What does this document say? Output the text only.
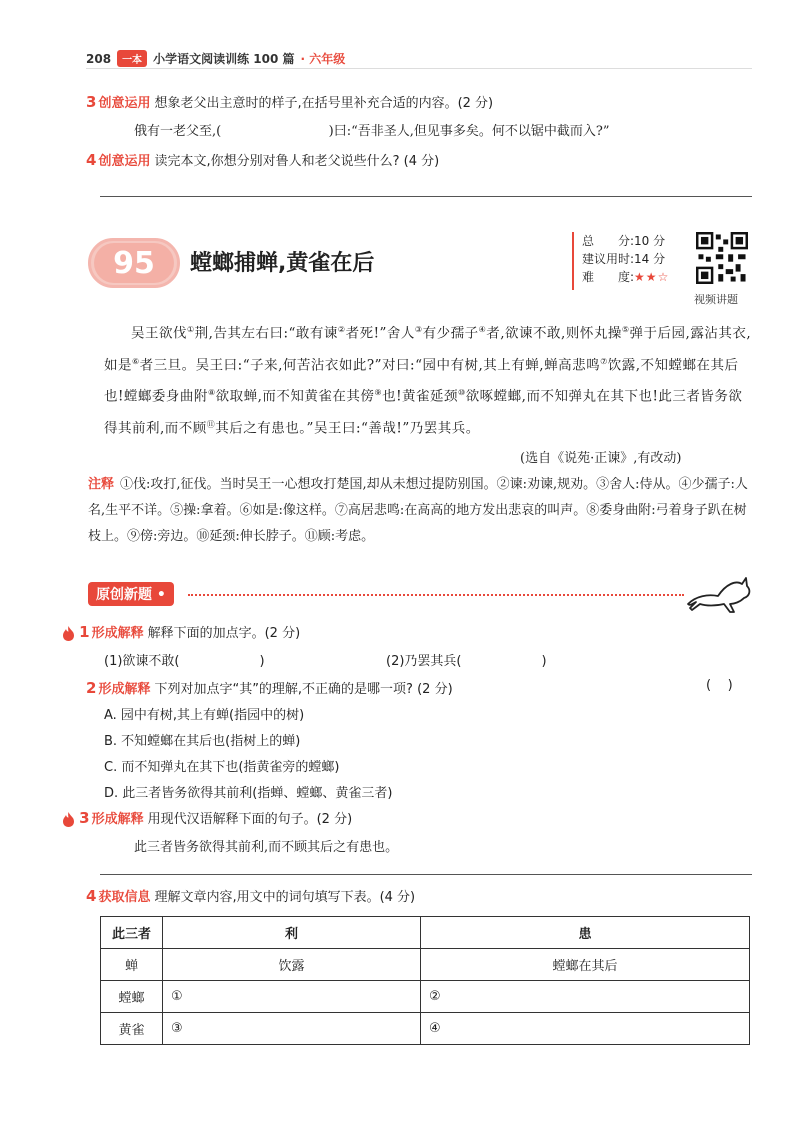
208	一本 小学语文阅读训练 100 篇 · 六年级
3 创意运用 想象老父出主意时的样子,在括号里补充合适的内容。(2 分)
俄有一老父至,(                          )曰:“吾非圣人,但见事多矣。何不以锯中截而入?”
4 创意运用 读完本文,你想分别对鲁人和老父说些什么? (4 分)
95	螳螂捕蝉,黄雀在后
总　　分:10 分
建议用时:14 分
难　　度:★★☆
视频讲题
吴王欲伐①荆,告其左右曰:“敢有谏②者死!”舍人③有少孺子④者,欲谏不敢,则怀丸操⑤弹于后园,露沾其衣,如是⑥者三旦。吴王曰:“子来,何苦沾衣如此?”对曰:“园中有树,其上有蝉,蝉高悲鸣⑦饮露,不知螳螂在其后也!螳螂委身曲附⑧欲取蝉,而不知黄雀在其傍⑨也!黄雀延颈⑩欲啄螳螂,而不知弹丸在其下也!此三者皆务欲得其前利,而不顾⑪其后之有患也。”吴王曰:“善哉!”乃罢其兵。
(选自《说苑·正谏》,有改动)
注释 ①伐:攻打,征伐。当时吴王一心想攻打楚国,却从未想过提防别国。②谏:劝谏,规劝。③舍人:侍从。④少孺子:人名,生平不详。⑤操:拿着。⑥如是:像这样。⑦高居悲鸣:在高高的地方发出悲哀的叫声。⑧委身曲附:弓着身子趴在树枝上。⑨傍:旁边。⑩延颈:伸长脖子。⑪顾:考虑。
原创新题 •
1 形成解释 解释下面的加点字。(2 分)
(1)欲谏不敢(	)	(2)乃罢其兵(	)
2 形成解释 下列对加点字“其”的理解,不正确的是哪一项? (2 分)	(    )
A. 园中有树,其上有蝉(指园中的树)
B. 不知螳螂在其后也(指树上的蝉)
C. 而不知弹丸在其下也(指黄雀旁的螳螂)
D. 此三者皆务欲得其前利(指蝉、螳螂、黄雀三者)
3 形成解释 用现代汉语解释下面的句子。(2 分)
此三者皆务欲得其前利,而不顾其后之有患也。
4 获取信息 理解文章内容,用文中的词句填写下表。(4 分)
此三者	利	患
蝉	饮露	螳螂在其后
螳螂	①	②
黄雀	③	④
